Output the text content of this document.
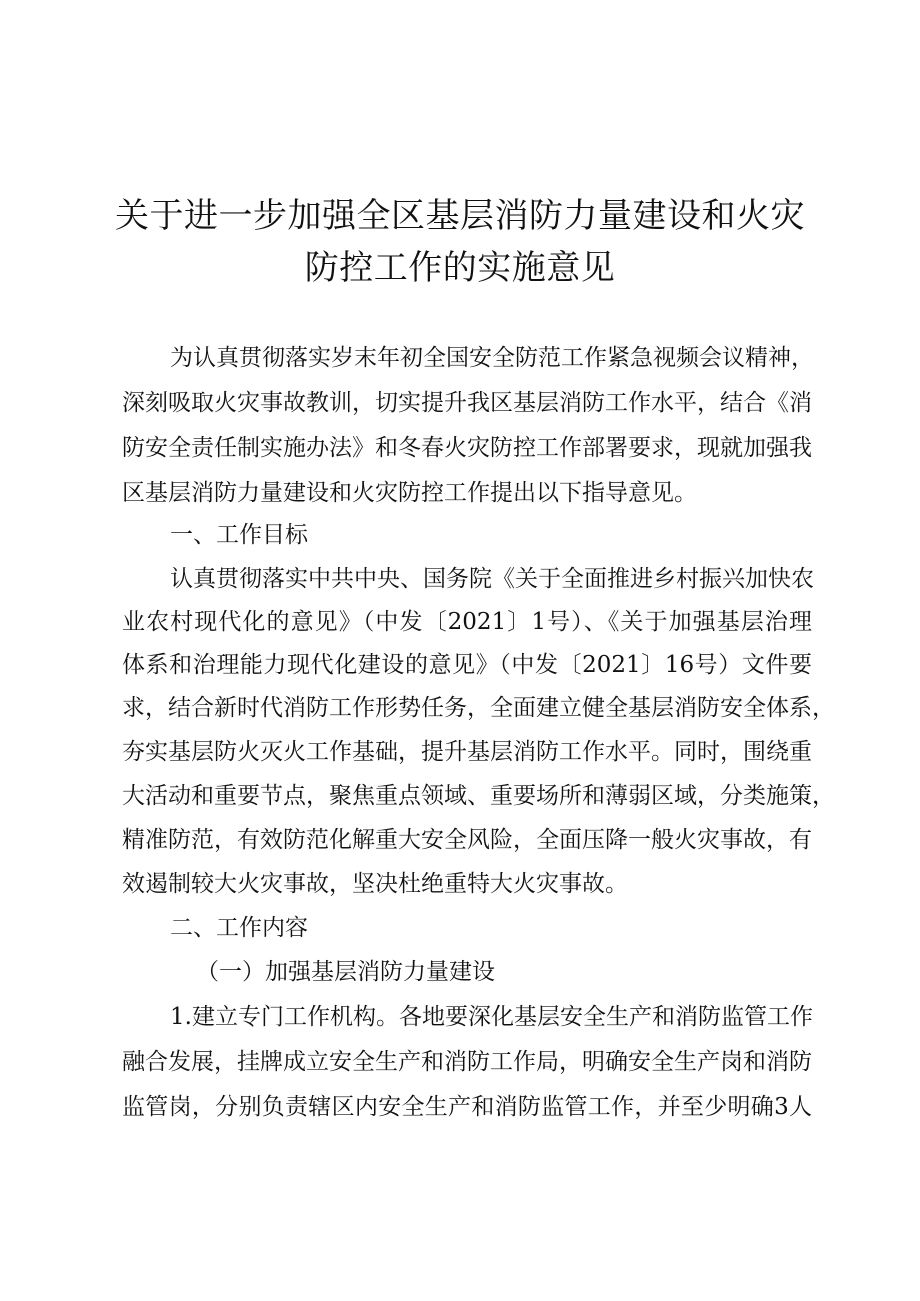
关于进一步加强全区基层消防力量建设和火灾
防控工作的实施意见
为认真贯彻落实岁末年初全国安全防范工作紧急视频会议精神，
深刻吸取火灾事故教训，切实提升我区基层消防工作水平，结合《消
防安全责任制实施办法》和冬春火灾防控工作部署要求，现就加强我
区基层消防力量建设和火灾防控工作提出以下指导意见。
一、工作目标
认真贯彻落实中共中央、国务院《关于全面推进乡村振兴加快农
业农村现代化的意见》（中发〔2021〕1号）、《关于加强基层治理
体系和治理能力现代化建设的意见》（中发〔2021〕16号）文件要
求，结合新时代消防工作形势任务，全面建立健全基层消防安全体系，
夯实基层防火灭火工作基础，提升基层消防工作水平。同时，围绕重
大活动和重要节点，聚焦重点领域、重要场所和薄弱区域，分类施策，
精准防范，有效防范化解重大安全风险，全面压降一般火灾事故，有
效遏制较大火灾事故，坚决杜绝重特大火灾事故。
二、工作内容
（一）加强基层消防力量建设
1.建立专门工作机构。各地要深化基层安全生产和消防监管工作
融合发展，挂牌成立安全生产和消防工作局，明确安全生产岗和消防
监管岗，分别负责辖区内安全生产和消防监管工作，并至少明确3人
